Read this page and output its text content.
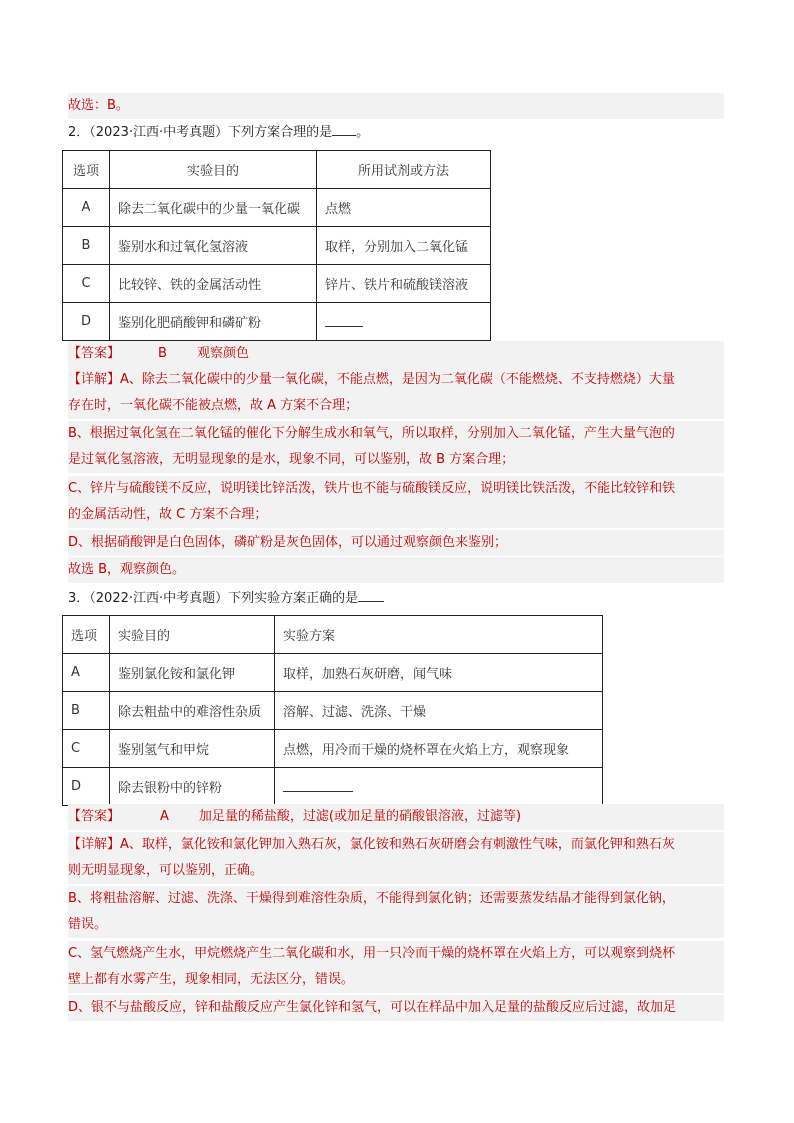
故选：B。
2．（2023·江西·中考真题）下列方案合理的是 。
选项	实验目的	所用试剂或方法
A	除去二氧化碳中的少量一氧化碳	点燃
B	鉴别水和过氧化氢溶液	取样，分别加入二氧化锰
C	比较锌、铁的金属活动性	锌片、铁片和硫酸镁溶液
D	鉴别化肥硝酸钾和磷矿粉	
【答案】	B 观察颜色
【详解】A、除去二氧化碳中的少量一氧化碳，不能点燃，是因为二氧化碳（不能燃烧、不支持燃烧）大量
存在时，一氧化碳不能被点燃，故 A 方案不合理；
B、根据过氧化氢在二氧化锰的催化下分解生成水和氧气，所以取样，分别加入二氧化锰，产生大量气泡的
是过氧化氢溶液，无明显现象的是水，现象不同，可以鉴别，故 B 方案合理；
C、锌片与硫酸镁不反应，说明镁比锌活泼，铁片也不能与硫酸镁反应，说明镁比铁活泼，不能比较锌和铁
的金属活动性，故 C 方案不合理；
D、根据硝酸钾是白色固体，磷矿粉是灰色固体，可以通过观察颜色来鉴别；
故选 B，观察颜色。
3．（2022·江西·中考真题）下列实验方案正确的是
选项	实验目的	实验方案
A	鉴别氯化铵和氯化钾	取样，加熟石灰研磨，闻气味
B	除去粗盐中的难溶性杂质	溶解、过滤、洗涤、干燥
C	鉴别氢气和甲烷	点燃，用冷而干燥的烧杯罩在火焰上方，观察现象
D	除去银粉中的锌粉	
【答案】	A 加足量的稀盐酸，过滤(或加足量的硝酸银溶液，过滤等)
【详解】A、取样，氯化铵和氯化钾加入熟石灰，氯化铵和熟石灰研磨会有刺激性气味，而氯化钾和熟石灰
则无明显现象，可以鉴别，正确。
B、将粗盐溶解、过滤、洗涤、干燥得到难溶性杂质，不能得到氯化钠；还需要蒸发结晶才能得到氯化钠，
错误。
C、氢气燃烧产生水，甲烷燃烧产生二氧化碳和水，用一只冷而干燥的烧杯罩在火焰上方，可以观察到烧杯
壁上都有水雾产生，现象相同，无法区分，错误。
D、银不与盐酸反应，锌和盐酸反应产生氯化锌和氢气，可以在样品中加入足量的盐酸反应后过滤，故加足
